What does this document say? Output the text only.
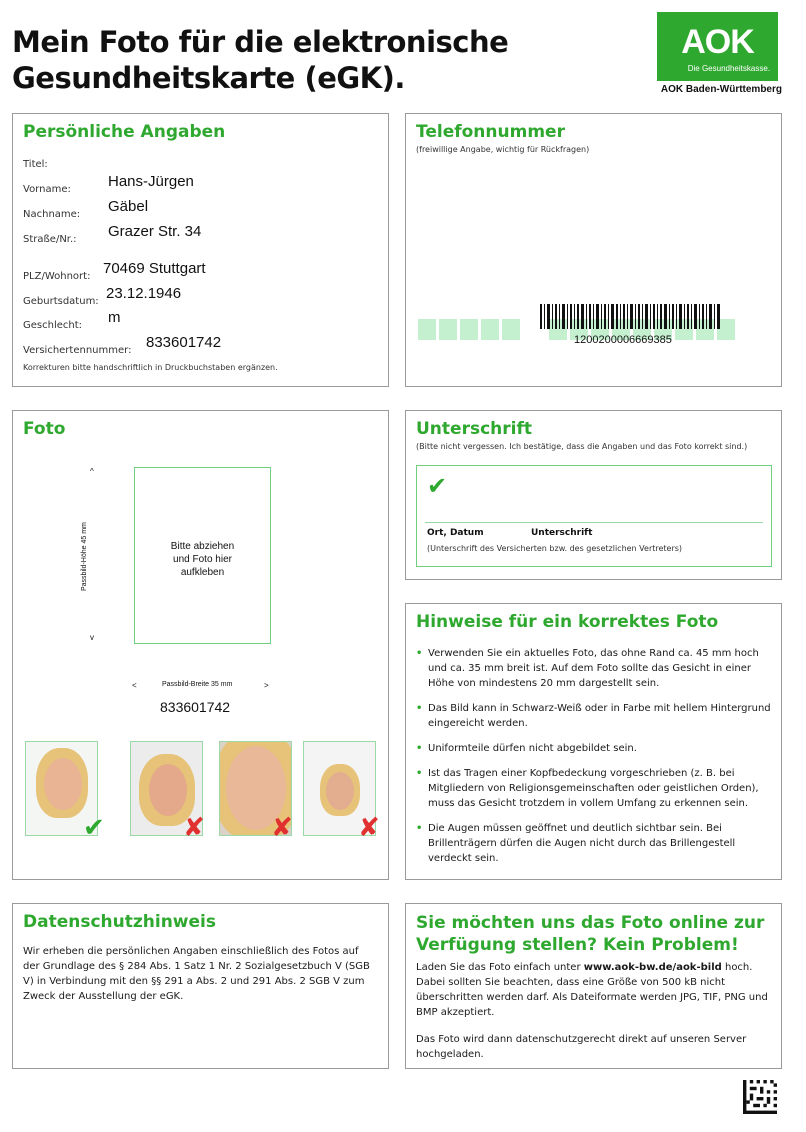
Mein Foto für die elektronische
Gesundheitskarte (eGK).
AOK
Die Gesundheitskasse.
AOK Baden-Württemberg
Persönliche Angaben
Titel:
Vorname: Hans-Jürgen
Nachname: Gäbel
Straße/Nr.: Grazer Str. 34
PLZ/Wohnort: 70469 Stuttgart
Geburtsdatum: 23.12.1946
Geschlecht: m
Versichertennummer: 833601742
Korrekturen bitte handschriftlich in Druckbuchstaben ergänzen.
Telefonnummer
(freiwillige Angabe, wichtig für Rückfragen)
1200200006669385
Foto
^
Passbild-Höhe 45 mm
v
Bitte abziehen
und Foto hier
aufkleben
<	Passbild-Breite 35 mm	>
833601742
✔	✘	✘	✘
Unterschrift
(Bitte nicht vergessen. Ich bestätige, dass die Angaben und das Foto korrekt sind.)
✔
Ort, Datum	Unterschrift
(Unterschrift des Versicherten bzw. des gesetzlichen Vertreters)
Hinweise für ein korrektes Foto
• Verwenden Sie ein aktuelles Foto, das ohne Rand ca. 45 mm hoch und ca. 35 mm breit ist. Auf dem Foto sollte das Gesicht in einer Höhe von mindestens 20 mm dargestellt sein.
• Das Bild kann in Schwarz-Weiß oder in Farbe mit hellem Hintergrund eingereicht werden.
• Uniformteile dürfen nicht abgebildet sein.
• Ist das Tragen einer Kopfbedeckung vorgeschrieben (z. B. bei Mitgliedern von Religionsgemeinschaften oder geistlichen Orden), muss das Gesicht trotzdem in vollem Umfang zu erkennen sein.
• Die Augen müssen geöffnet und deutlich sichtbar sein. Bei Brillenträgern dürfen die Augen nicht durch das Brillengestell verdeckt sein.
Datenschutzhinweis
Wir erheben die persönlichen Angaben einschließlich des Fotos auf der Grundlage des § 284 Abs. 1 Satz 1 Nr. 2 Sozialgesetzbuch V (SGB V) in Verbindung mit den §§ 291 a Abs. 2 und 291 Abs. 2 SGB V zum Zweck der Ausstellung der eGK.
Sie möchten uns das Foto online zur
Verfügung stellen? Kein Problem!
Laden Sie das Foto einfach unter www.aok-bw.de/aok-bild hoch. Dabei sollten Sie beachten, dass eine Größe von 500 kB nicht überschritten werden darf. Als Dateiformate werden JPG, TIF, PNG und BMP akzeptiert.
Das Foto wird dann datenschutzgerecht direkt auf unseren Server hochgeladen.
